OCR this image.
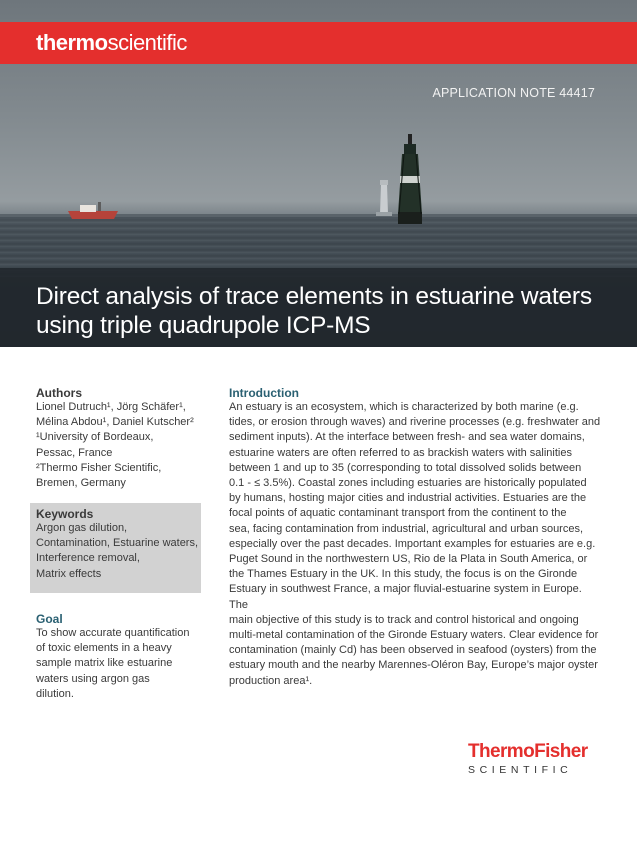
thermoscientific
APPLICATION NOTE 44417
Direct analysis of trace elements in estuarine waters using triple quadrupole ICP-MS

Authors

Lionel Dutruch¹, Jörg Schäfer¹,

Mélina Abdou¹, Daniel Kutscher²

¹University of Bordeaux,

Pessac, France

²Thermo Fisher Scientific,

Bremen, Germany

Keywords

Argon gas dilution,

Contamination, Estuarine waters,

Interference removal,

Matrix effects

Goal

To show accurate quantification

of toxic elements in a heavy

sample matrix like estuarine

waters using argon gas

dilution.

Introduction

An estuary is an ecosystem, which is characterized by both marine (e.g.

tides, or erosion through waves) and riverine processes (e.g. freshwater and

sediment inputs). At the interface between fresh- and sea water domains,

estuarine waters are often referred to as brackish waters with salinities

between 1 and up to 35 (corresponding to total dissolved solids between

0.1 - ≤ 3.5%). Coastal zones including estuaries are historically populated

by humans, hosting major cities and industrial activities. Estuaries are the

focal points of aquatic contaminant transport from the continent to the

sea, facing contamination from industrial, agricultural and urban sources,

especially over the past decades. Important examples for estuaries are e.g.

Puget Sound in the northwestern US, Rio de la Plata in South America, or

the Thames Estuary in the UK. In this study, the focus is on the Gironde

Estuary in southwest France, a major fluvial-estuarine system in Europe. The

main objective of this study is to track and control historical and ongoing

multi-metal contamination of the Gironde Estuary waters. Clear evidence for

contamination (mainly Cd) has been observed in seafood (oysters) from the

estuary mouth and the nearby Marennes-Oléron Bay, Europe’s major oyster

production area¹.

ThermoFisher
SCIENTIFIC
